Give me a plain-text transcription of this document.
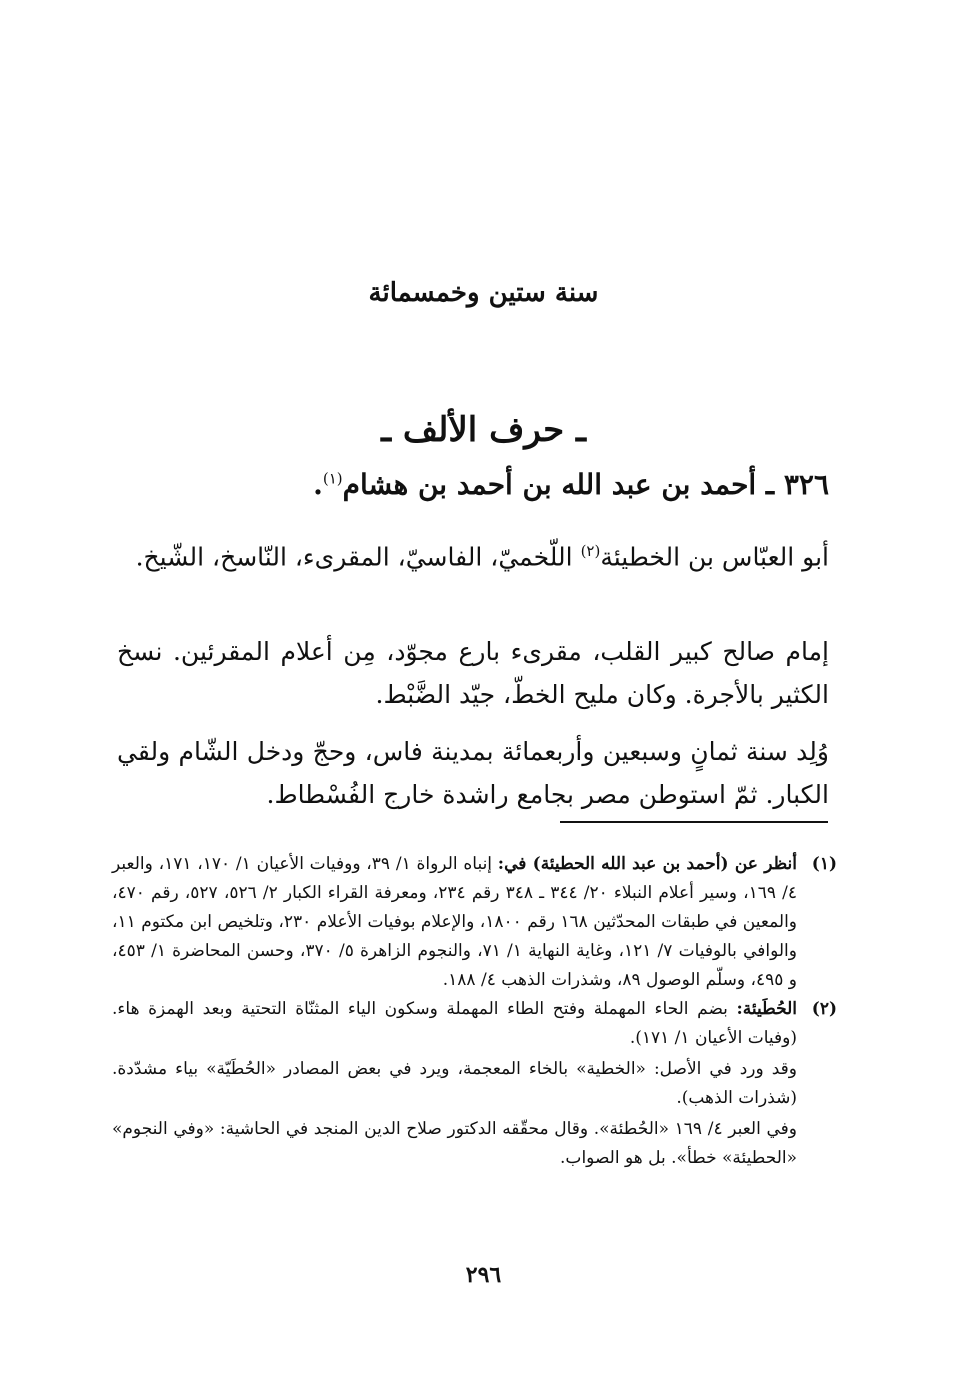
سنة ستين وخمسمائة
ـ حرف الألف ـ
٣٢٦ ـ أحمد بن عبد الله بن أحمد بن هشام$^{(١)}$.
أبو العبّاس بن الخطيئة$^{(٢)}$ اللّخميّ، الفاسيّ، المقرىء، النّاسخ، الشّيخ.
إمام صالح كبير القلب، مقرىء بارع مجوّد، مِن أعلام المقرئين. نسخ الكثير بالأجرة. وكان مليح الخطّ، جيّد الضَّبْط.
وُلِد سنة ثمانٍ وسبعين وأربعمائة بمدينة فاس، وحجّ ودخل الشّام ولقي الكبار. ثمّ استوطن مصر بجامع راشدة خارج الفُسْطاط.
(١)
أنظر عن (أحمد بن عبد الله الحطيئة) في: إنباه الرواة ١/ ٣٩، ووفيات الأعيان ١/ ١٧٠، ١٧١، والعبر ٤/ ١٦٩، وسير أعلام النبلاء ٢٠/ ٣٤٤ ـ ٣٤٨ رقم ٢٣٤، ومعرفة القراء الكبار ٢/ ٥٢٦، ٥٢٧، رقم ٤٧٠، والمعين في طبقات المحدّثين ١٦٨ رقم ١٨٠٠، والإعلام بوفيات الأعلام ٢٣٠، وتلخيص ابن مكتوم ١١، والوافي بالوفيات ٧/ ١٢١، وغاية النهاية ١/ ٧١، والنجوم الزاهرة ٥/ ٣٧٠، وحسن المحاضرة ١/ ٤٥٣، و ٤٩٥، وسلّم الوصول ٨٩، وشذرات الذهب ٤/ ١٨٨.
(٢)
الحُطَيئة: بضم الحاء المهملة وفتح الطاء المهملة وسكون الياء المثنّاة التحتية وبعد الهمزة هاء. (وفيات الأعيان ١/ ١٧١).
وقد ورد في الأصل: «الخطية» بالخاء المعجمة، ويرد في بعض المصادر «الحُطَيّة» بياء مشدّدة. (شذرات الذهب).
وفي العبر ٤/ ١٦٩ «الحُطئة». وقال محقّقه الدكتور صلاح الدين المنجد في الحاشية: «وفي النجوم» «الحطيئة» خطأ». بل هو الصواب.
٢٩٦
